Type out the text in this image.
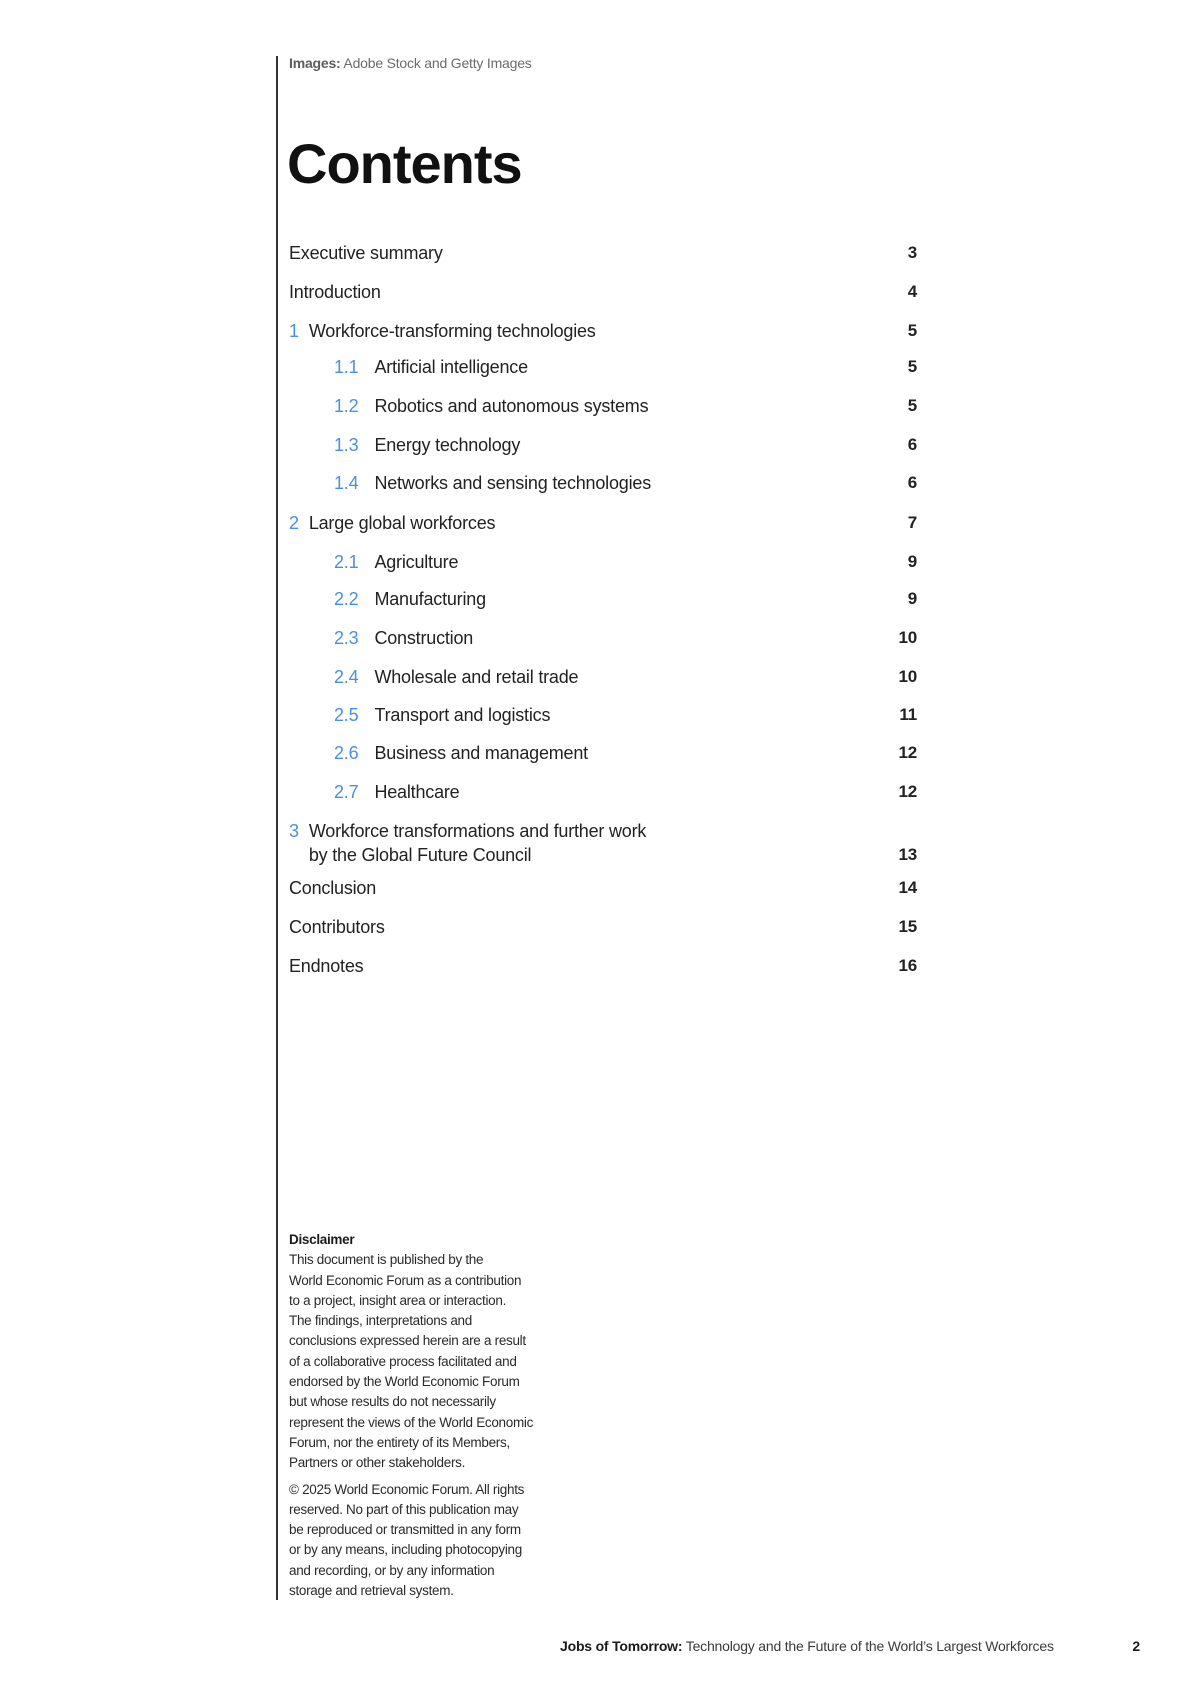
Images: Adobe Stock and Getty Images
Contents
Executive summary	3
Introduction	4
1 Workforce-transforming technologies	5
1.1 Artificial intelligence	5
1.2 Robotics and autonomous systems	5
1.3 Energy technology	6
1.4 Networks and sensing technologies	6
2 Large global workforces	7
2.1 Agriculture	9
2.2 Manufacturing	9
2.3 Construction	10
2.4 Wholesale and retail trade	10
2.5 Transport and logistics	11
2.6 Business and management	12
2.7 Healthcare	12
3 Workforce transformations and further work
by the Global Future Council	13
Conclusion	14
Contributors	15
Endnotes	16

Disclaimer

This document is published by the
World Economic Forum as a contribution
to a project, insight area or interaction.
The findings, interpretations and
conclusions expressed herein are a result
of a collaborative process facilitated and
endorsed by the World Economic Forum
but whose results do not necessarily
represent the views of the World Economic
Forum, nor the entirety of its Members,
Partners or other stakeholders.

© 2025 World Economic Forum. All rights
reserved. No part of this publication may
be reproduced or transmitted in any form
or by any means, including photocopying
and recording, or by any information
storage and retrieval system.

Jobs of Tomorrow: Technology and the Future of the World’s Largest Workforces	2
